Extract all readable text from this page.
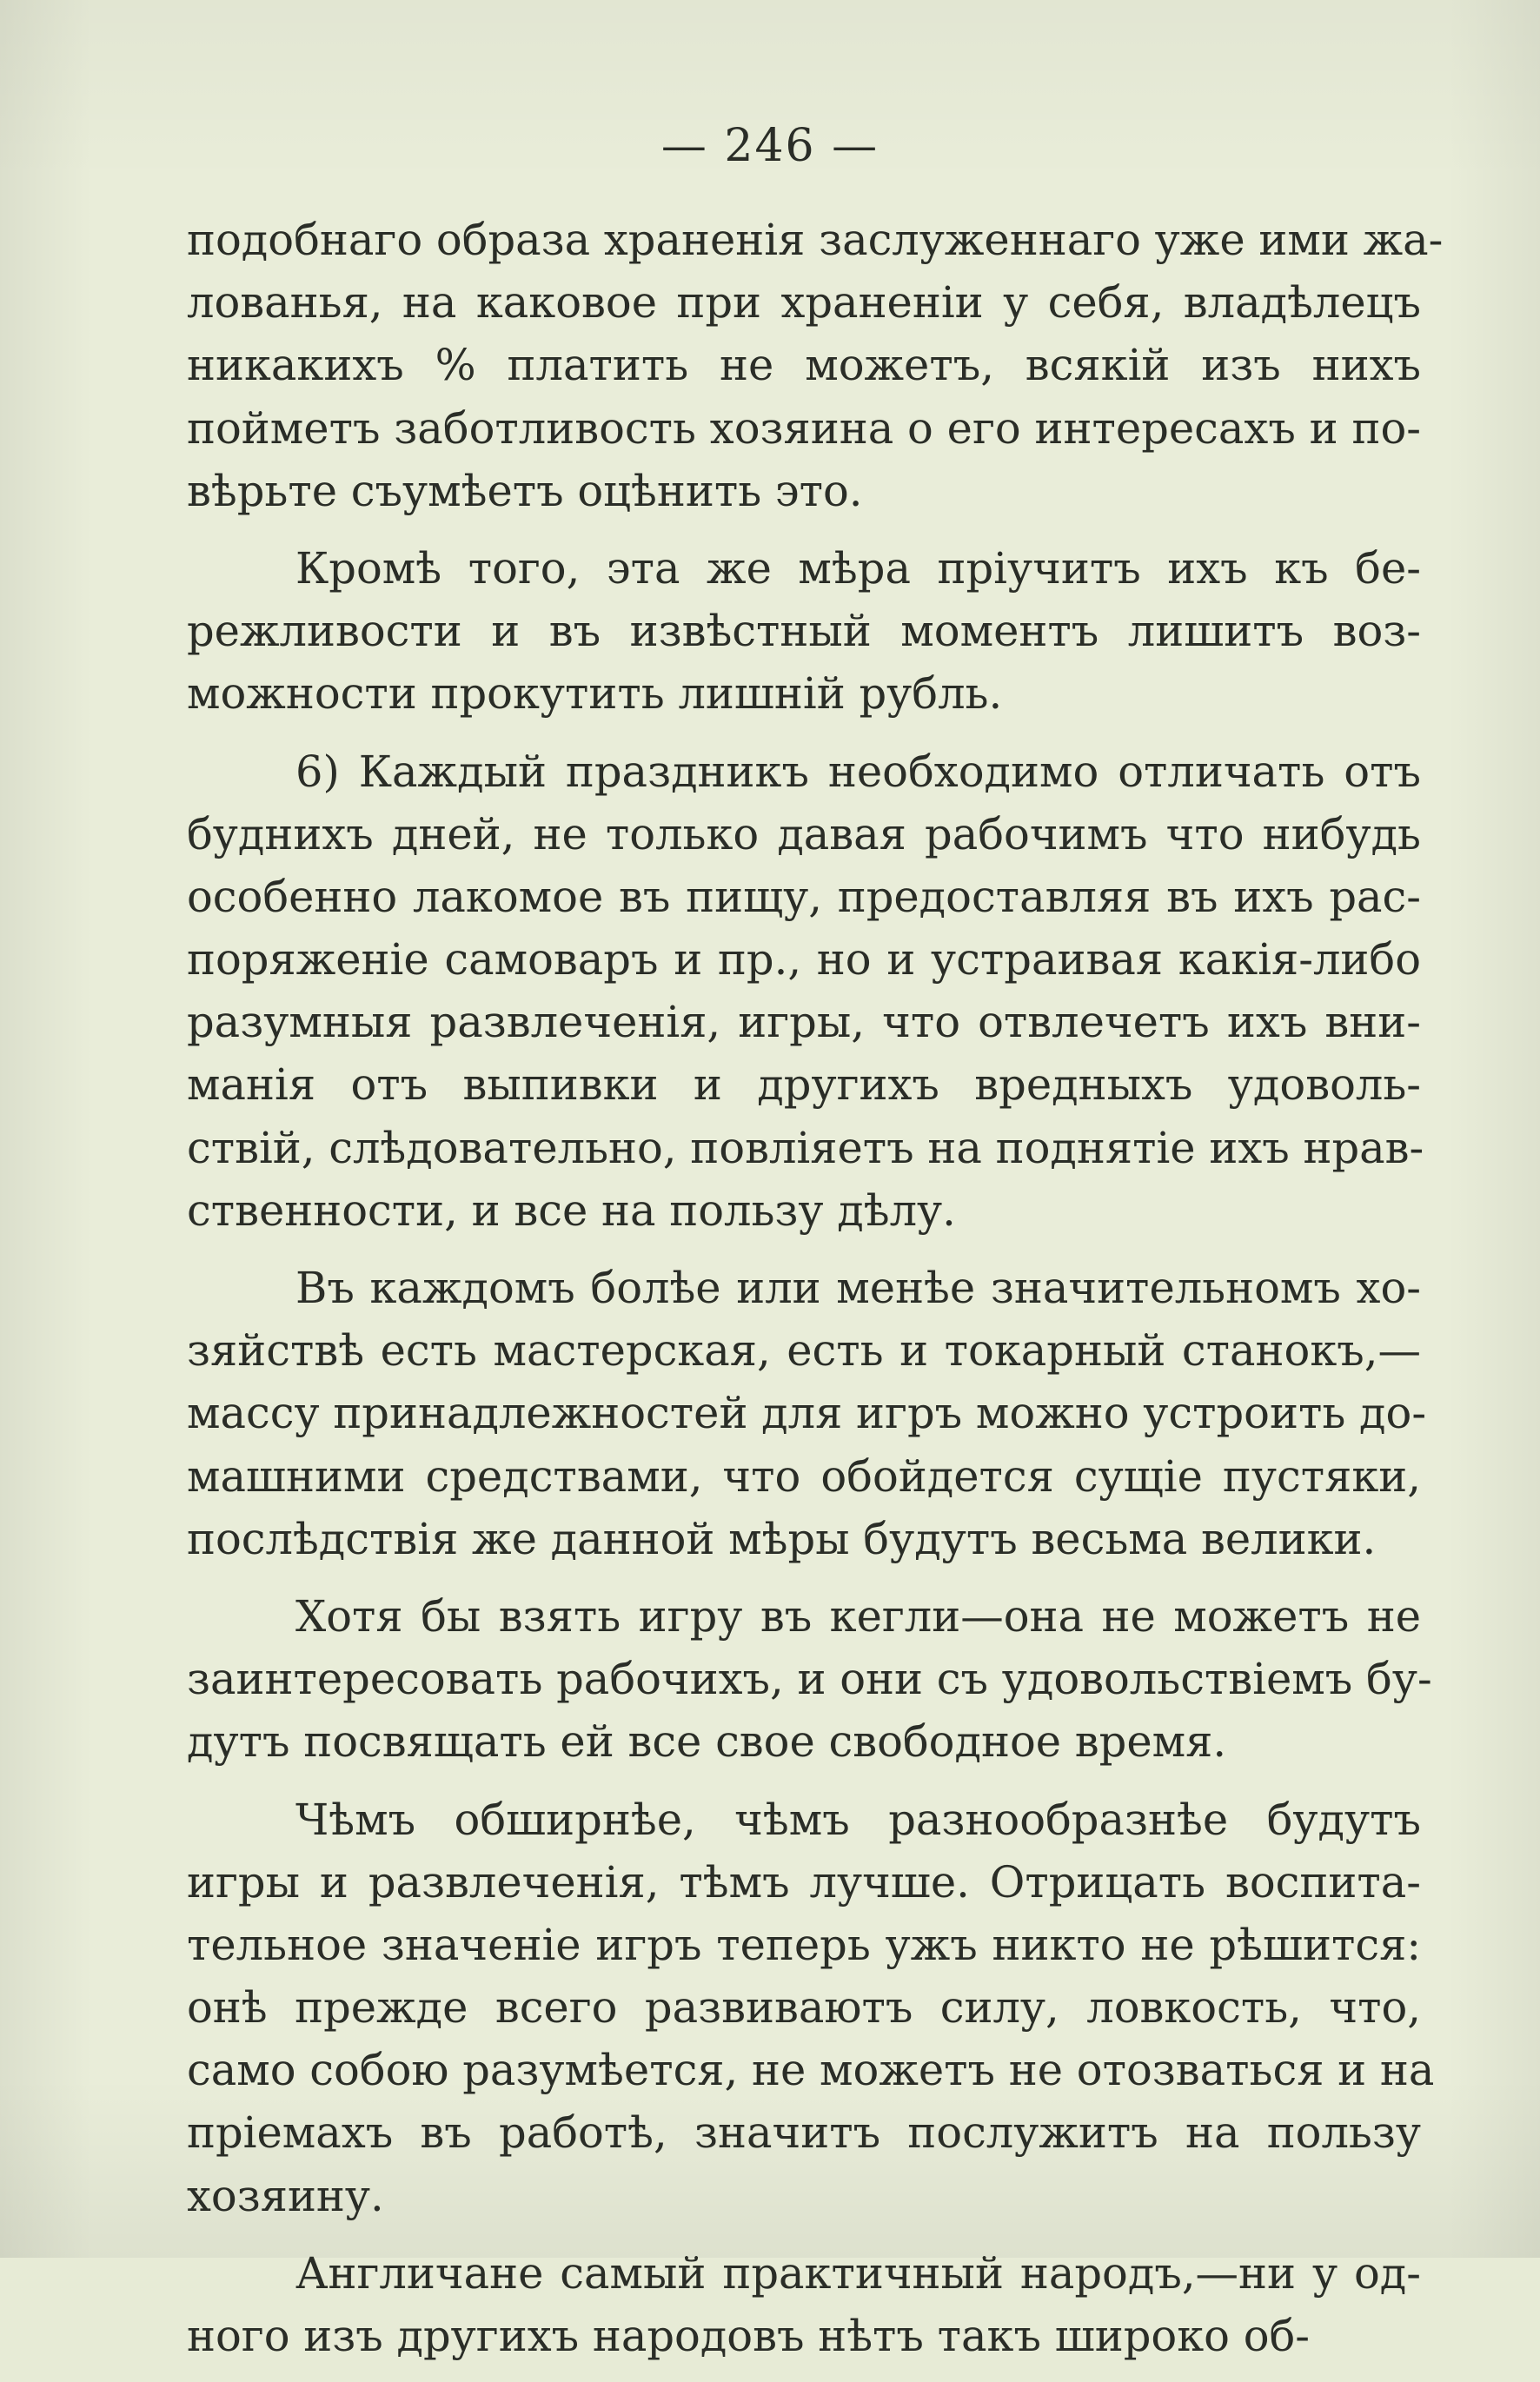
— 246 —
подобнаго образа храненія заслуженнаго уже ими жа-
лованья, на каковое при храненіи у себя, владѣлецъ
никакихъ % платить не можетъ, всякій изъ нихъ
пойметъ заботливость хозяина о его интересахъ и по-
вѣрьте съумѣетъ оцѣнить это.
Кромѣ того, эта же мѣра пріучитъ ихъ къ бе-
режливости и въ извѣстный моментъ лишитъ воз-
можности прокутить лишній рубль.
6) Каждый праздникъ необходимо отличать отъ
буднихъ дней, не только давая рабочимъ что нибудь
особенно лакомое въ пищу, предоставляя въ ихъ рас-
поряженіе самоваръ и пр., но и устраивая какія-либо
разумныя развлеченія, игры, что отвлечетъ ихъ вни-
манія отъ выпивки и другихъ вредныхъ удоволь-
ствій, слѣдовательно, повліяетъ на поднятіе ихъ нрав-
ственности, и все на пользу дѣлу.
Въ каждомъ болѣе или менѣе значительномъ хо-
зяйствѣ есть мастерская, есть и токарный станокъ,—
массу принадлежностей для игръ можно устроить до-
машними средствами, что обойдется сущіе пустяки,
послѣдствія же данной мѣры будутъ весьма велики.
Хотя бы взять игру въ кегли—она не можетъ не
заинтересовать рабочихъ, и они съ удовольствіемъ бу-
дутъ посвящать ей все свое свободное время.
Чѣмъ обширнѣе, чѣмъ разнообразнѣе будутъ
игры и развлеченія, тѣмъ лучше. Отрицать воспита-
тельное значеніе игръ теперь ужъ никто не рѣшится:
онѣ прежде всего развиваютъ силу, ловкость, что,
само собою разумѣется, не можетъ не отозваться и на
пріемахъ въ работѣ, значитъ послужитъ на пользу
хозяину.
Англичане самый практичный народъ,—ни у од-
ного изъ другихъ народовъ нѣтъ такъ широко об-
